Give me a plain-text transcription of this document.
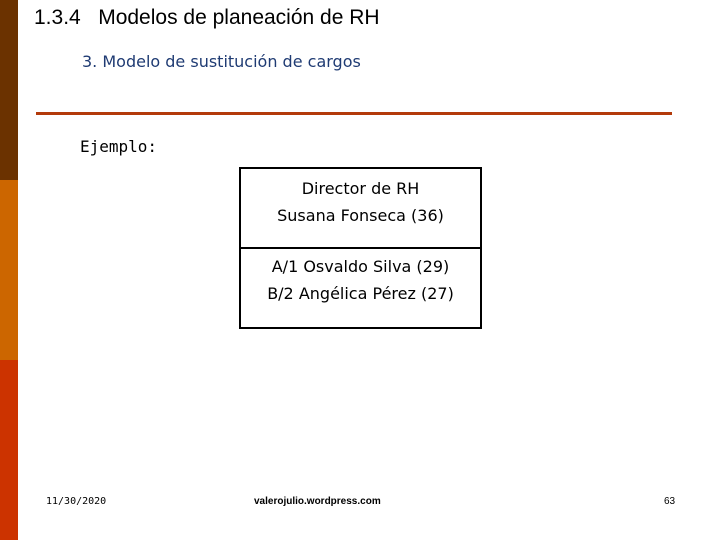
1.3.4   Modelos de planeación de RH
3. Modelo de sustitución de cargos
Ejemplo:
Director de RH
Susana Fonseca (36)
A/1 Osvaldo Silva (29)
B/2 Angélica Pérez (27)
11/30/2020	valerojulio.wordpress.com	63
